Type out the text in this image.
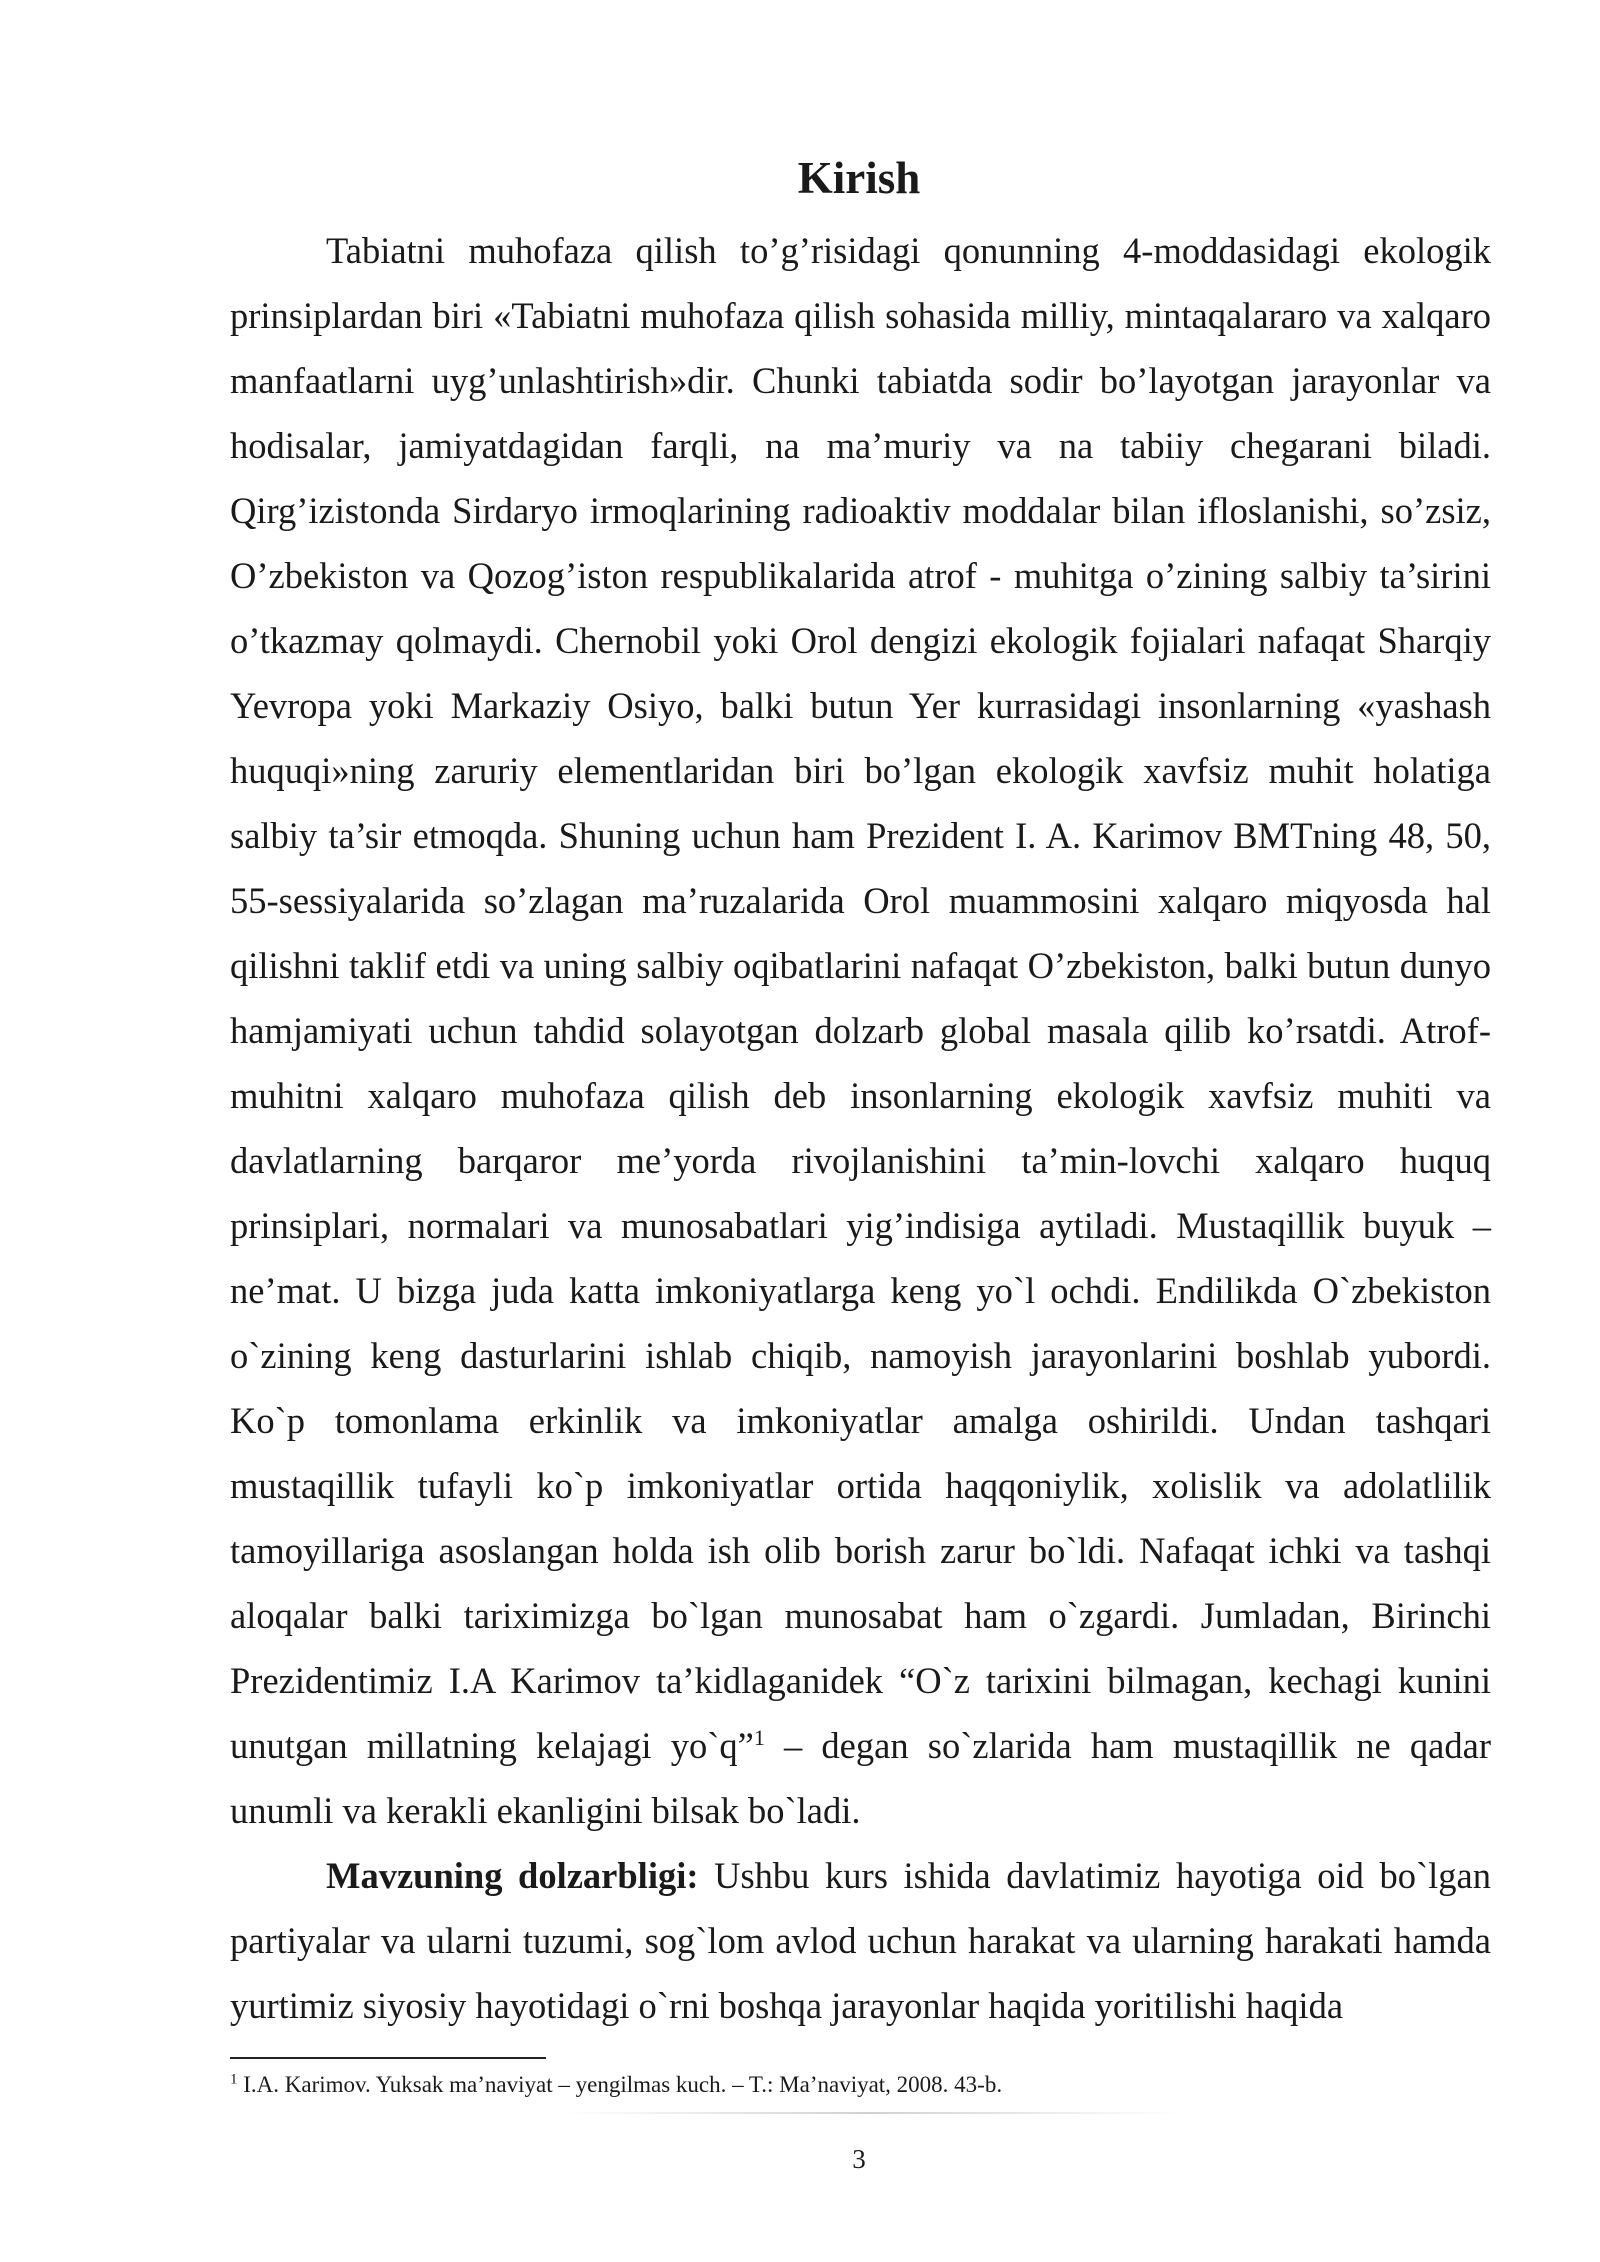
Kirish

Tabiatni muhofaza qilish to’g’risidagi qonunning 4-moddasidagi ekologik prinsiplardan biri «Tabiatni muhofaza qilish sohasida milliy, mintaqalararo va xalqaro manfaatlarni uyg’unlashtirish»dir. Chunki tabiatda sodir bo’layotgan jarayonlar va hodisalar, jamiyatdagidan farqli, na ma’muriy va na tabiiy chegarani biladi. Qirg’izistonda Sirdaryo irmoqlarining radioaktiv moddalar bilan ifloslanishi, so’zsiz, O’zbekiston va Qozog’iston respublikalarida atrof - muhitga o’zining salbiy ta’sirini o’tkazmay qolmaydi. Chernobil yoki Orol dengizi ekologik fojialari nafaqat Sharqiy Yevropa yoki Markaziy Osiyo, balki butun Yer kurrasidagi insonlarning «yashash huquqi»ning zaruriy elementlaridan biri bo’lgan ekologik xavfsiz muhit holatiga salbiy ta’sir etmoqda. Shuning uchun ham Prezident I. A. Karimov BMTning 48, 50, 55-sessiyalarida so’zlagan ma’ruzalarida Orol muammosini xalqaro miqyosda hal qilishni taklif etdi va uning salbiy oqibatlarini nafaqat O’zbekiston, balki butun dunyo hamjamiyati uchun tahdid solayotgan dolzarb global masala qilib ko’rsatdi. Atrof-muhitni xalqaro muhofaza qilish deb insonlarning ekologik xavfsiz muhiti va davlatlarning barqaror me’yorda rivojlanishini ta’min-lovchi xalqaro huquq prinsiplari, normalari va munosabatlari yig’indisiga aytiladi. Mustaqillik buyuk – ne’mat. U bizga juda katta imkoniyatlarga keng yo`l ochdi. Endilikda O`zbekiston o`zining keng dasturlarini ishlab chiqib, namoyish jarayonlarini boshlab yubordi. Ko`p tomonlama erkinlik va imkoniyatlar amalga oshirildi. Undan tashqari mustaqillik tufayli ko`p imkoniyatlar ortida haqqoniylik, xolislik va adolatlilik tamoyillariga asoslangan holda ish olib borish zarur bo`ldi. Nafaqat ichki va tashqi aloqalar balki tariximizga bo`lgan munosabat ham o`zgardi. Jumladan, Birinchi Prezidentimiz I.A Karimov ta’kidlaganidek “O`z tarixini bilmagan, kechagi kunini unutgan millatning kelajagi yo`q”$^1$ – degan so`zlarida ham mustaqillik ne qadar unumli va kerakli ekanligini bilsak bo`ladi.

Mavzuning dolzarbligi: Ushbu kurs ishida davlatimiz hayotiga oid bo`lgan partiyalar va ularni tuzumi, sog`lom avlod uchun harakat va ularning harakati hamda yurtimiz siyosiy hayotidagi o`rni boshqa jarayonlar haqida yoritilishi haqida

$^1$ I.A. Karimov. Yuksak ma’naviyat – yengilmas kuch. – T.: Ma’naviyat, 2008. 43-b.

3
